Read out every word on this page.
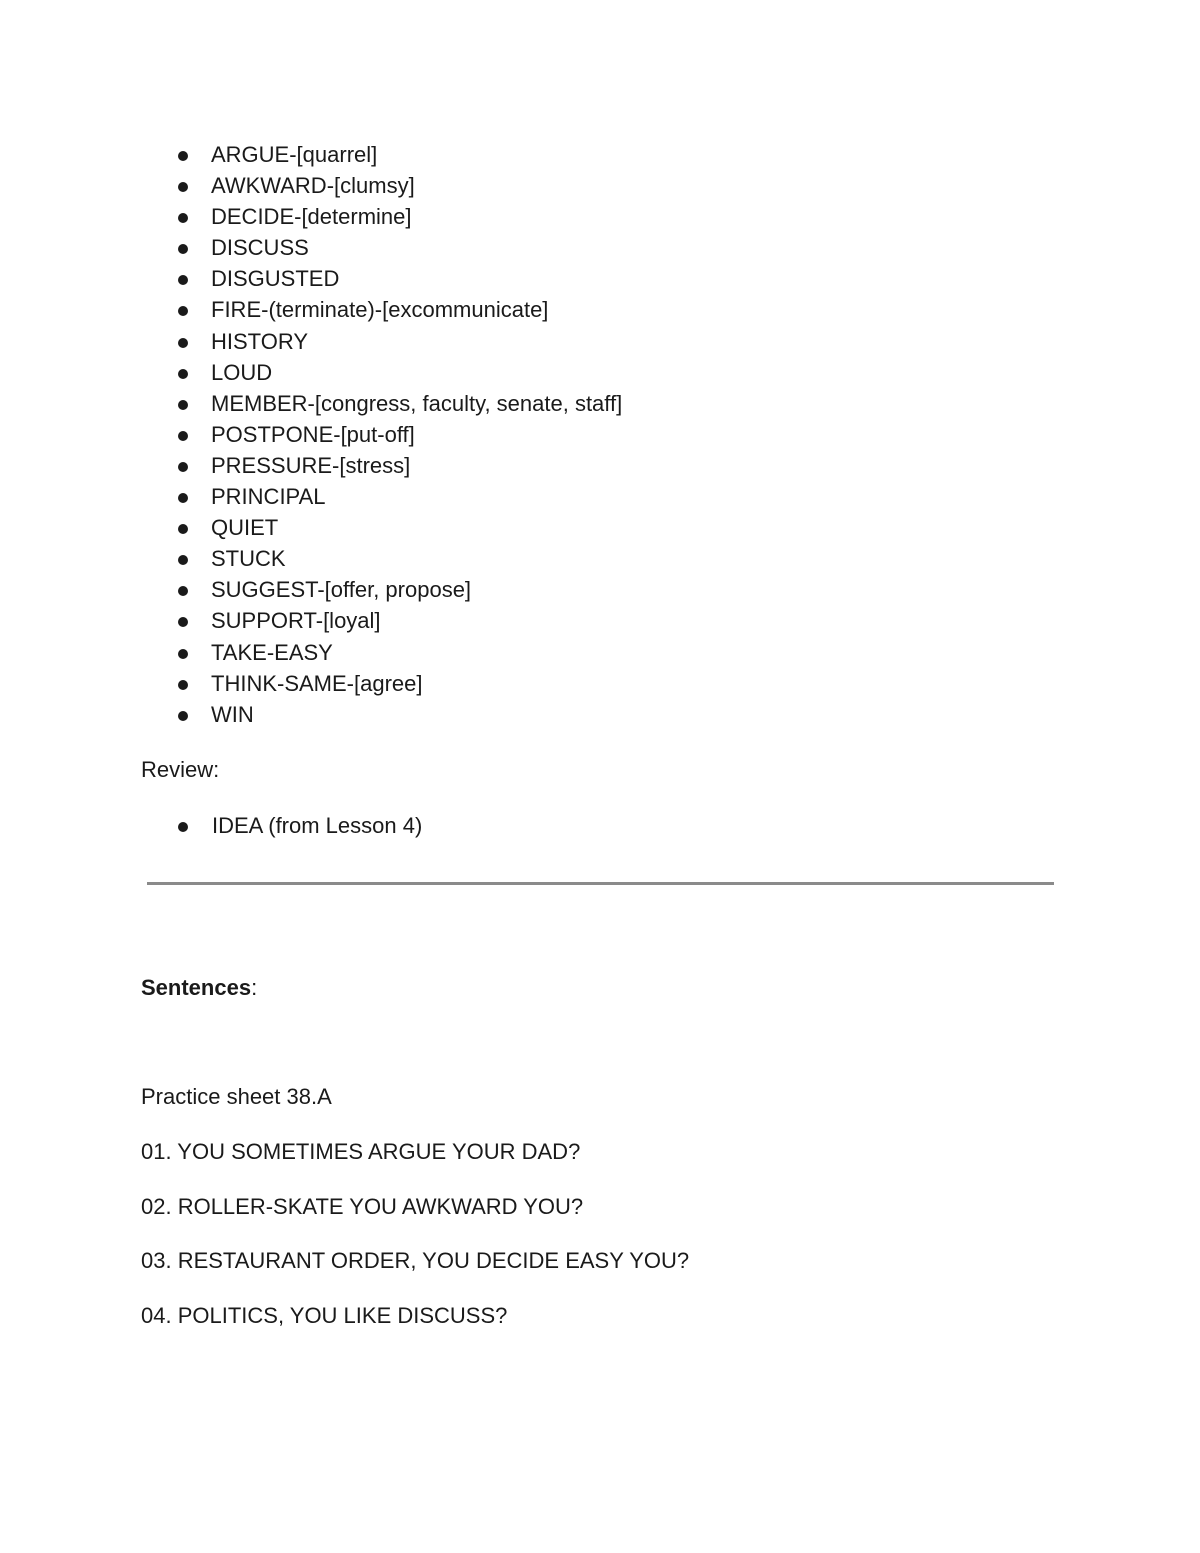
ARGUE-[quarrel]
AWKWARD-[clumsy]
DECIDE-[determine]
DISCUSS
DISGUSTED
FIRE-(terminate)-[excommunicate]
HISTORY
LOUD
MEMBER-[congress, faculty, senate, staff]
POSTPONE-[put-off]
PRESSURE-[stress]
PRINCIPAL
QUIET
STUCK
SUGGEST-[offer, propose]
SUPPORT-[loyal]
TAKE-EASY
THINK-SAME-[agree]
WIN

Review:

IDEA (from Lesson 4)

Sentences:

Practice sheet 38.A

01. YOU SOMETIMES ARGUE YOUR DAD?

02. ROLLER-SKATE YOU AWKWARD YOU?

03. RESTAURANT ORDER, YOU DECIDE EASY YOU?

04. POLITICS, YOU LIKE DISCUSS?
